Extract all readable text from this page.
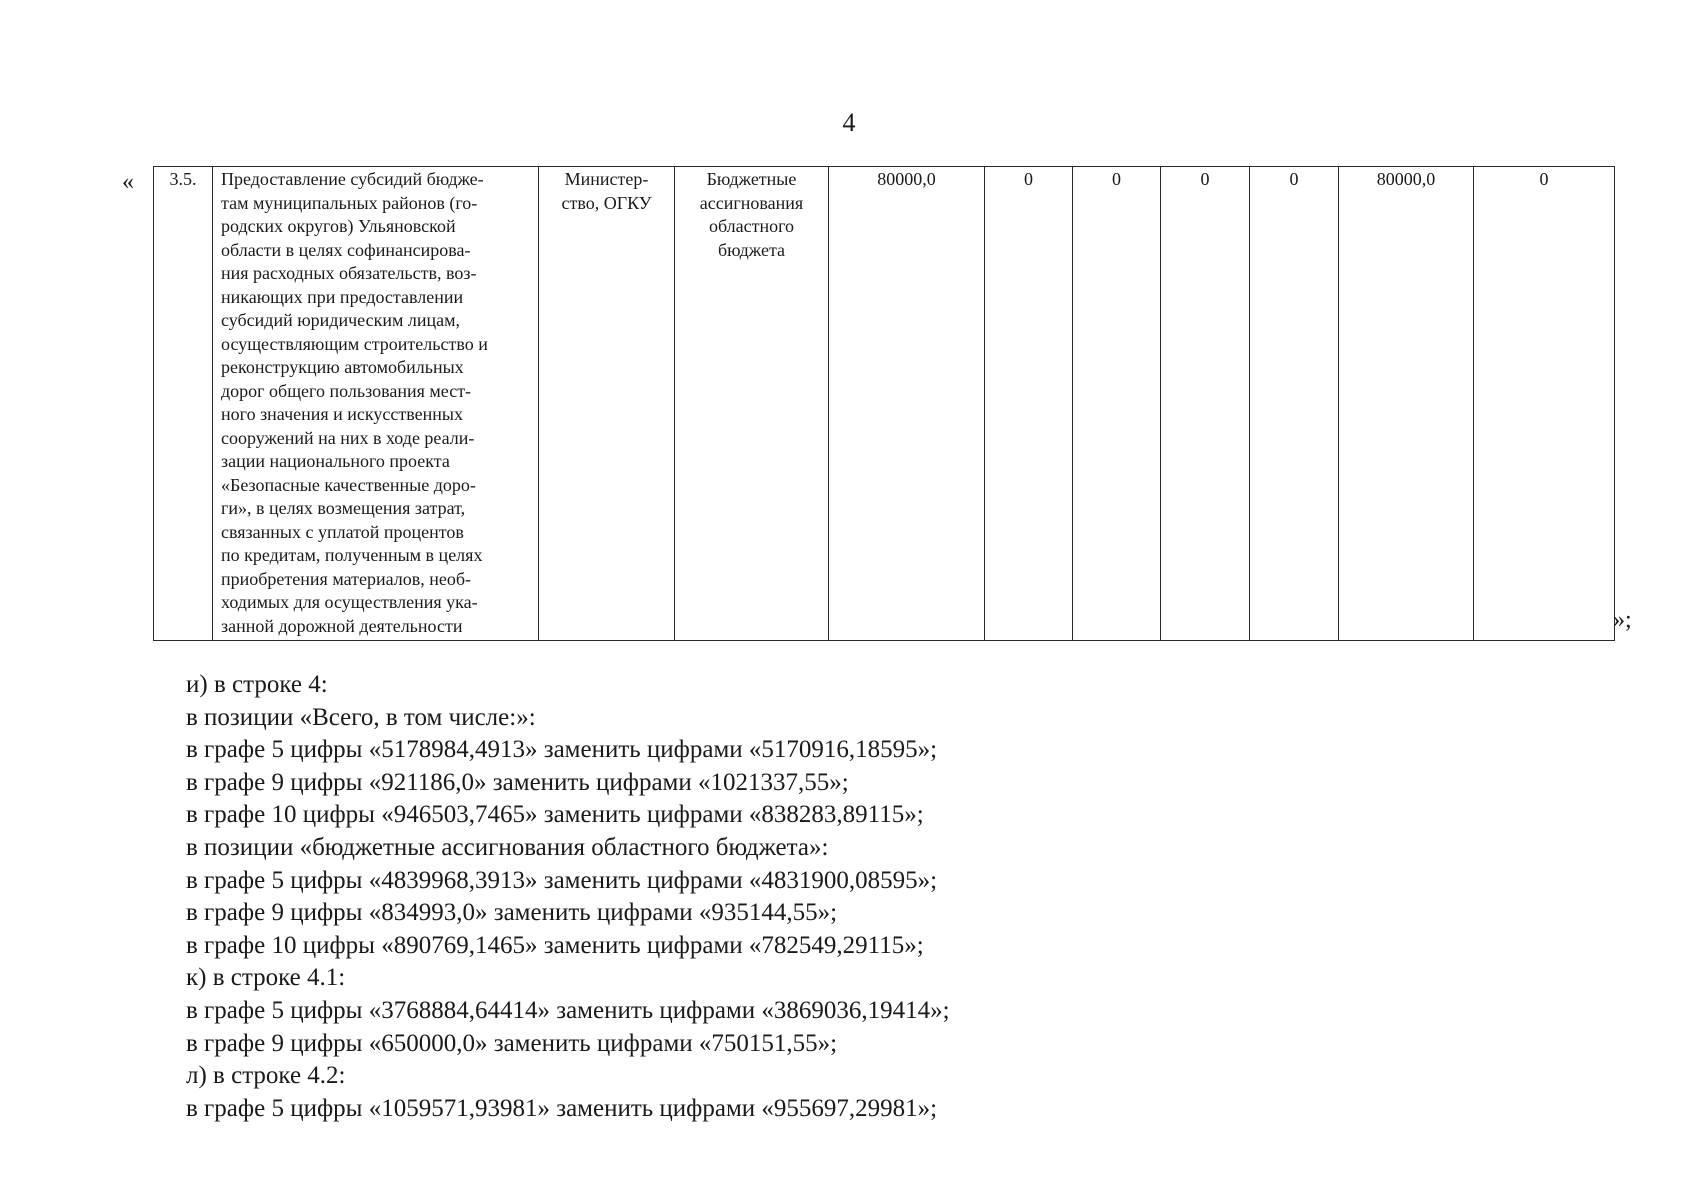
4
« 3.5.	Предоставление субсидий бюдже-
там муниципальных районов (го-
родских округов) Ульяновской
области в целях софинансирова-
ния расходных обязательств, воз-
никающих при предоставлении
субсидий юридическим лицам,
осуществляющим строительство и
реконструкцию автомобильных
дорог общего пользования мест-
ного значения и искусственных
сооружений на них в ходе реали-
зации национального проекта
«Безопасные качественные доро-
ги», в целях возмещения затрат,
связанных с уплатой процентов
по кредитам, полученным в целях
приобретения материалов, необ-
ходимых для осуществления ука-
занной дорожной деятельности	Министер-
ство, ОГКУ	Бюджетные
ассигнования
областного
бюджета	80000,0	0	0	0	0	80000,0	0
»;
и) в строке 4:
в позиции «Всего, в том числе:»:
в графе 5 цифры «5178984,4913» заменить цифрами «5170916,18595»;
в графе 9 цифры «921186,0» заменить цифрами «1021337,55»;
в графе 10 цифры «946503,7465» заменить цифрами «838283,89115»;
в позиции «бюджетные ассигнования областного бюджета»:
в графе 5 цифры «4839968,3913» заменить цифрами «4831900,08595»;
в графе 9 цифры «834993,0» заменить цифрами «935144,55»;
в графе 10 цифры «890769,1465» заменить цифрами «782549,29115»;
к) в строке 4.1:
в графе 5 цифры «3768884,64414» заменить цифрами «3869036,19414»;
в графе 9 цифры «650000,0» заменить цифрами «750151,55»;
л) в строке 4.2:
в графе 5 цифры «1059571,93981» заменить цифрами «955697,29981»;
